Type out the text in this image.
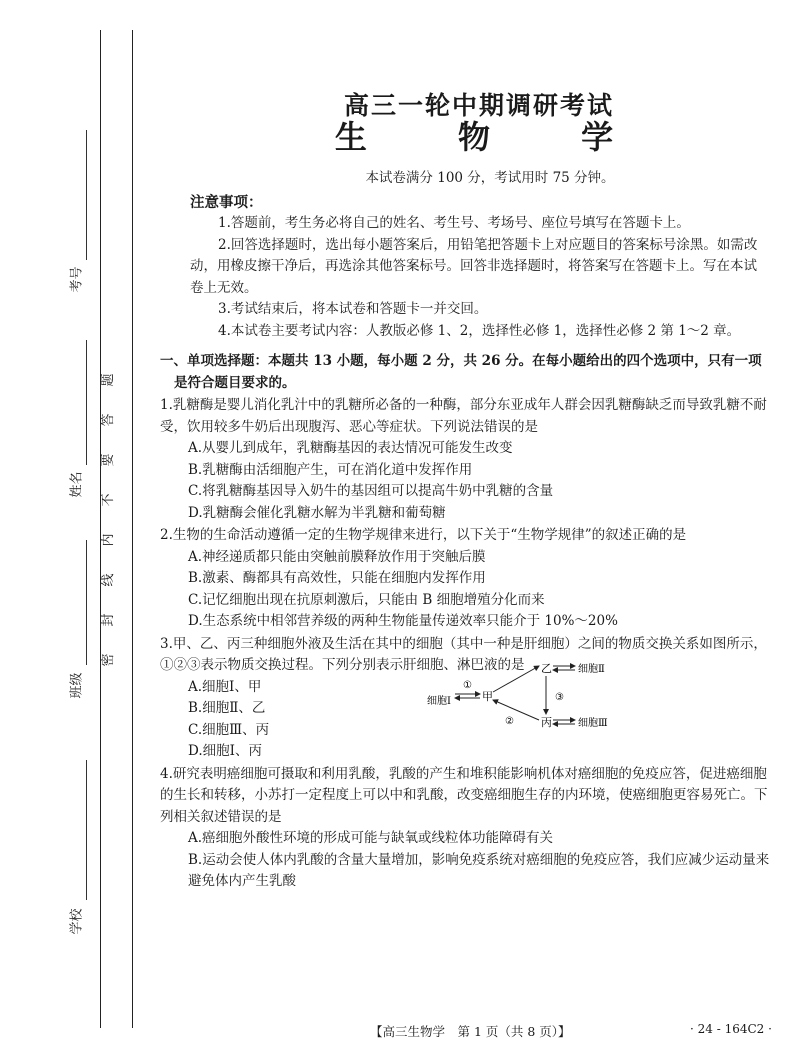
考号
姓名
班级
学校
题
答
要
不
内
线
封
密
高三一轮中期调研考试
生 物 学
本试卷满分 100 分，考试用时 75 分钟。
注意事项：

1.答题前，考生务必将自己的姓名、考生号、考场号、座位号填写在答题卡上。

2.回答选择题时，选出每小题答案后，用铅笔把答题卡上对应题目的答案标号涂黑。如需改动，用橡皮擦干净后，再选涂其他答案标号。回答非选择题时，将答案写在答题卡上。写在本试卷上无效。

3.考试结束后，将本试卷和答题卡一并交回。

4.本试卷主要考试内容：人教版必修 1、2，选择性必修 1，选择性必修 2 第 1～2 章。

一、单项选择题：本题共 13 小题，每小题 2 分，共 26 分。在每小题给出的四个选项中，只有一项
是符合题目要求的。

1.乳糖酶是婴儿消化乳汁中的乳糖所必备的一种酶，部分东亚成年人群会因乳糖酶缺乏而导致乳糖不耐受，饮用较多牛奶后出现腹泻、恶心等症状。下列说法错误的是

A.从婴儿到成年，乳糖酶基因的表达情况可能发生改变
B.乳糖酶由活细胞产生，可在消化道中发挥作用
C.将乳糖酶基因导入奶牛的基因组可以提高牛奶中乳糖的含量
D.乳糖酶会催化乳糖水解为半乳糖和葡萄糖

2.生物的生命活动遵循一定的生物学规律来进行，以下关于“生物学规律”的叙述正确的是

A.神经递质都只能由突触前膜释放作用于突触后膜
B.激素、酶都具有高效性，只能在细胞内发挥作用
C.记忆细胞出现在抗原刺激后，只能由 B 细胞增殖分化而来
D.生态系统中相邻营养级的两种生物能量传递效率只能介于 10%～20%

3.甲、乙、丙三种细胞外液及生活在其中的细胞（其中一种是肝细胞）之间的物质交换关系如图所示，①②③表示物质交换过程。下列分别表示肝细胞、淋巴液的是

A.细胞Ⅰ、甲
B.细胞Ⅱ、乙
C.细胞Ⅲ、丙
D.细胞Ⅰ、丙

4.研究表明癌细胞可摄取和利用乳酸，乳酸的产生和堆积能影响机体对癌细胞的免疫应答，促进癌细胞的生长和转移，小苏打一定程度上可以中和乳酸，改变癌细胞生存的内环境，使癌细胞更容易死亡。下列相关叙述错误的是

A.癌细胞外酸性环境的形成可能与缺氧或线粒体功能障碍有关
B.运动会使人体内乳酸的含量大量增加，影响免疫系统对癌细胞的免疫应答，我们应减少运动量来避免体内产生乳酸
细胞Ⅰ	甲
乙
丙
细胞Ⅱ
细胞Ⅲ
①
②
③
【高三生物学　第 1 页（共 8 页）】	· 24 - 164C2 ·
